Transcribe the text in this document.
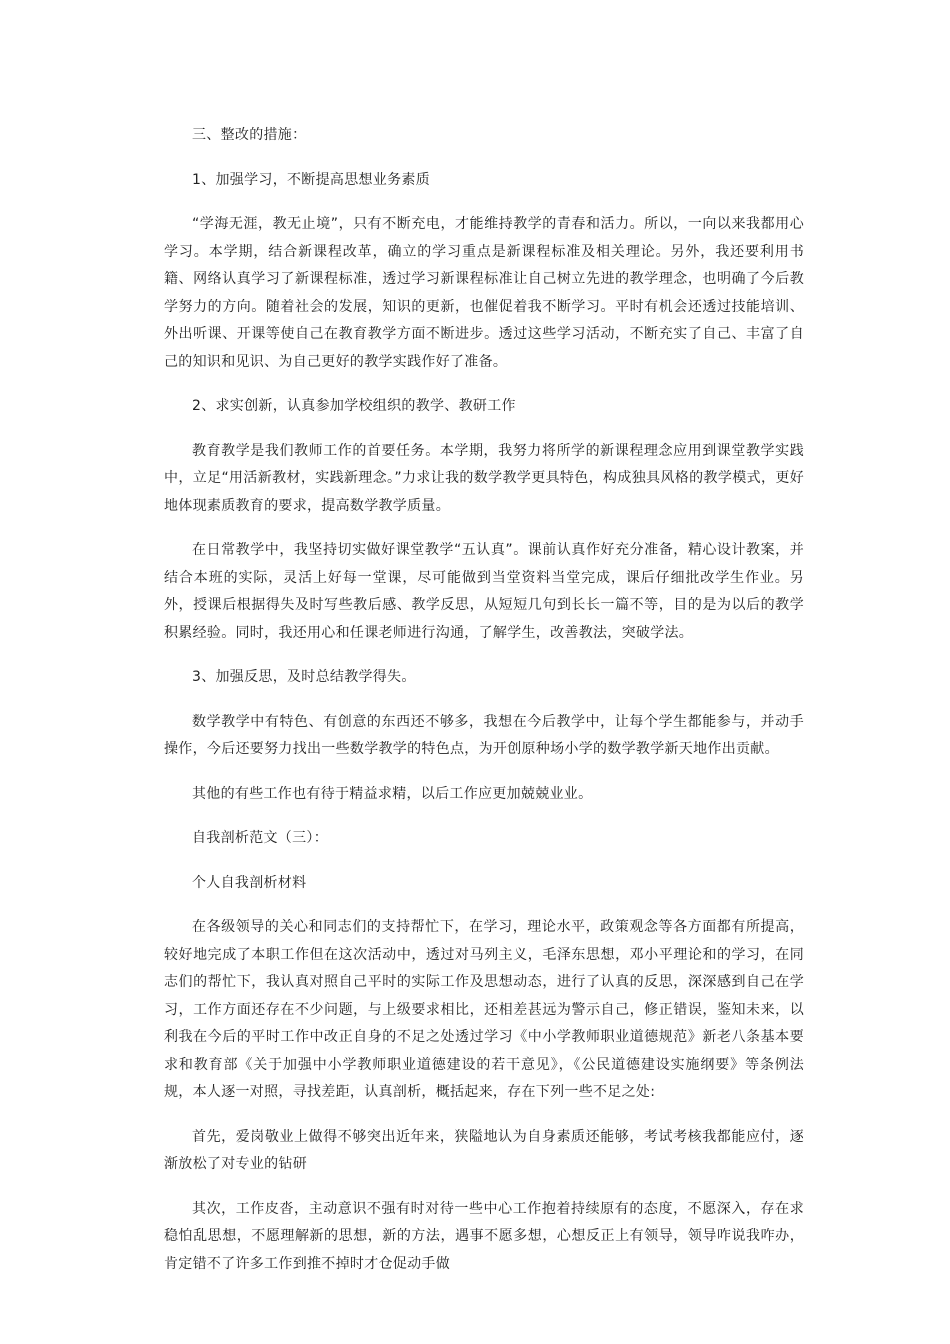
三、整改的措施：

1、加强学习，不断提高思想业务素质

“学海无涯，教无止境”，只有不断充电，才能维持教学的青春和活力。所以，一向以来我都用心学习。本学期，结合新课程改革，确立的学习重点是新课程标准及相关理论。另外，我还要利用书籍、网络认真学习了新课程标准，透过学习新课程标准让自己树立先进的教学理念，也明确了今后教学努力的方向。随着社会的发展，知识的更新，也催促着我不断学习。平时有机会还透过技能培训、外出听课、开课等使自己在教育教学方面不断进步。透过这些学习活动，不断充实了自己、丰富了自己的知识和见识、为自己更好的教学实践作好了准备。

2、求实创新，认真参加学校组织的教学、教研工作

教育教学是我们教师工作的首要任务。本学期，我努力将所学的新课程理念应用到课堂教学实践中，立足“用活新教材，实践新理念。”力求让我的数学教学更具特色，构成独具风格的教学模式，更好地体现素质教育的要求，提高数学教学质量。

在日常教学中，我坚持切实做好课堂教学“五认真”。课前认真作好充分准备，精心设计教案，并结合本班的实际，灵活上好每一堂课，尽可能做到当堂资料当堂完成，课后仔细批改学生作业。另外，授课后根据得失及时写些教后感、教学反思，从短短几句到长长一篇不等，目的是为以后的教学积累经验。同时，我还用心和任课老师进行沟通，了解学生，改善教法，突破学法。

3、加强反思，及时总结教学得失。

数学教学中有特色、有创意的东西还不够多，我想在今后教学中，让每个学生都能参与，并动手操作，今后还要努力找出一些数学教学的特色点，为开创原种场小学的数学教学新天地作出贡献。

其他的有些工作也有待于精益求精，以后工作应更加兢兢业业。

自我剖析范文（三）：

个人自我剖析材料

在各级领导的关心和同志们的支持帮忙下，在学习，理论水平，政策观念等各方面都有所提高，较好地完成了本职工作但在这次活动中，透过对马列主义，毛泽东思想，邓小平理论和的学习，在同志们的帮忙下，我认真对照自己平时的实际工作及思想动态，进行了认真的反思，深深感到自己在学习，工作方面还存在不少问题，与上级要求相比，还相差甚远为警示自己，修正错误，鉴知未来，以利我在今后的平时工作中改正自身的不足之处透过学习《中小学教师职业道德规范》新老八条基本要求和教育部《关于加强中小学教师职业道德建设的若干意见》，《公民道德建设实施纲要》等条例法规，本人逐一对照，寻找差距，认真剖析，概括起来，存在下列一些不足之处:

首先，爱岗敬业上做得不够突出近年来，狭隘地认为自身素质还能够，考试考核我都能应付，逐渐放松了对专业的钻研

其次，工作皮沓，主动意识不强有时对待一些中心工作抱着持续原有的态度，不愿深入，存在求稳怕乱思想，不愿理解新的思想，新的方法，遇事不愿多想，心想反正上有领导，领导咋说我咋办，肯定错不了许多工作到推不掉时才仓促动手做
